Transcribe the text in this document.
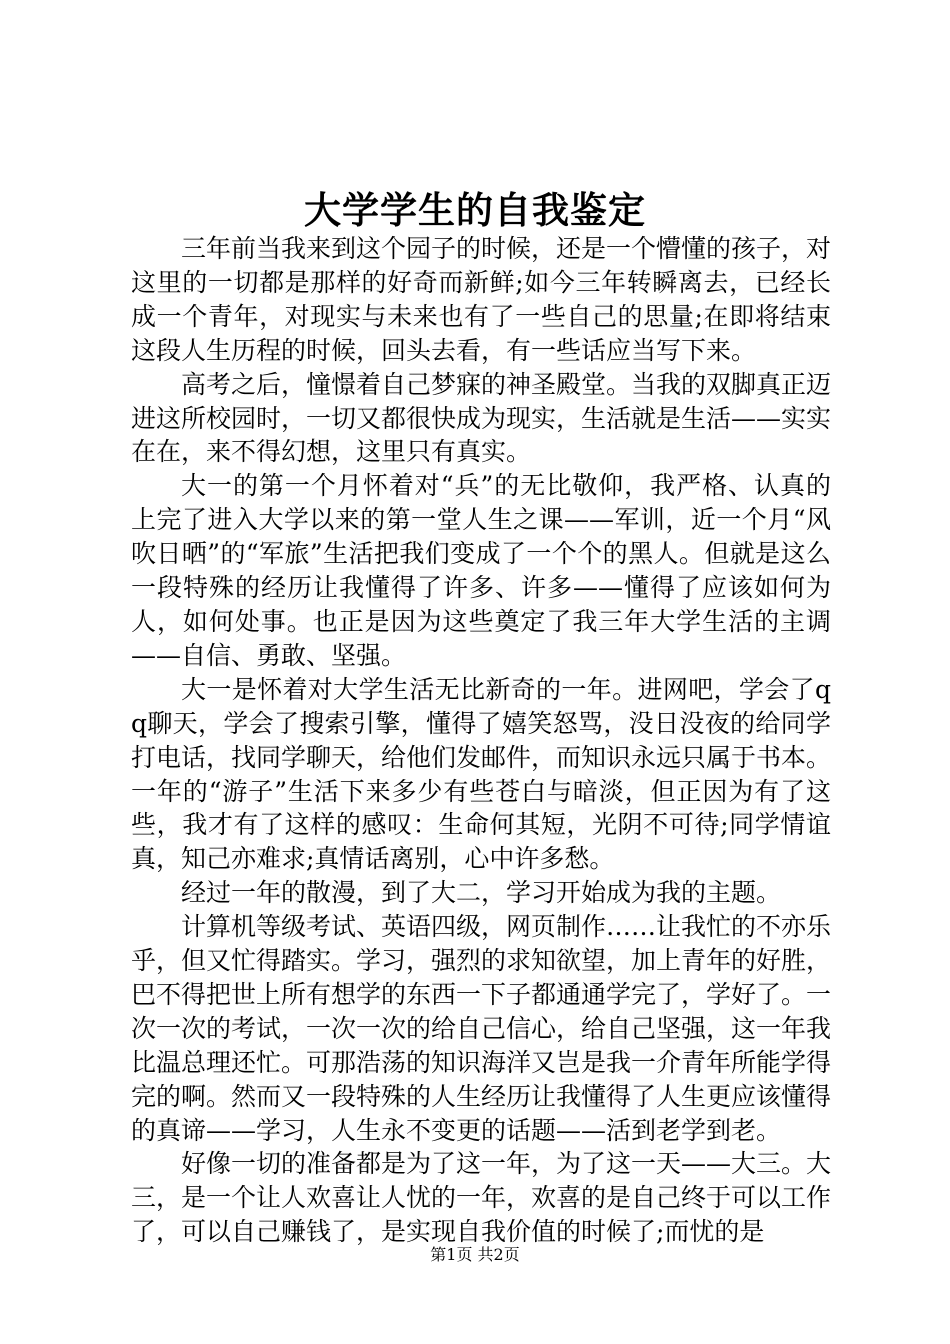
大学学生的自我鉴定

三年前当我来到这个园子的时候，还是一个懵懂的孩子，对这里的一切都是那样的好奇而新鲜;如今三年转瞬离去，已经长成一个青年，对现实与未来也有了一些自己的思量;在即将结束这段人生历程的时候，回头去看，有一些话应当写下来。

高考之后，憧憬着自己梦寐的神圣殿堂。当我的双脚真正迈进这所校园时，一切又都很快成为现实，生活就是生活——实实在在，来不得幻想，这里只有真实。

大一的第一个月怀着对“兵”的无比敬仰，我严格、认真的上完了进入大学以来的第一堂人生之课——军训，近一个月“风吹日晒”的“军旅”生活把我们变成了一个个的黑人。但就是这么一段特殊的经历让我懂得了许多、许多——懂得了应该如何为人，如何处事。也正是因为这些奠定了我三年大学生活的主调——自信、勇敢、坚强。

大一是怀着对大学生活无比新奇的一年。进网吧，学会了qq聊天，学会了搜索引擎，懂得了嬉笑怒骂，没日没夜的给同学打电话，找同学聊天，给他们发邮件，而知识永远只属于书本。一年的“游子”生活下来多少有些苍白与暗淡，但正因为有了这些，我才有了这样的感叹：生命何其短，光阴不可待;同学情谊真，知己亦难求;真情话离别，心中许多愁。

经过一年的散漫，到了大二，学习开始成为我的主题。

计算机等级考试、英语四级，网页制作……让我忙的不亦乐乎，但又忙得踏实。学习，强烈的求知欲望，加上青年的好胜，巴不得把世上所有想学的东西一下子都通通学完了，学好了。一次一次的考试，一次一次的给自己信心，给自己坚强，这一年我比温总理还忙。可那浩荡的知识海洋又岂是我一介青年所能学得完的啊。然而又一段特殊的人生经历让我懂得了人生更应该懂得的真谛——学习，人生永不变更的话题——活到老学到老。

好像一切的准备都是为了这一年，为了这一天——大三。大三，是一个让人欢喜让人忧的一年，欢喜的是自己终于可以工作了，可以自己赚钱了，是实现自我价值的时候了;而忧的是

第1页 共2页
